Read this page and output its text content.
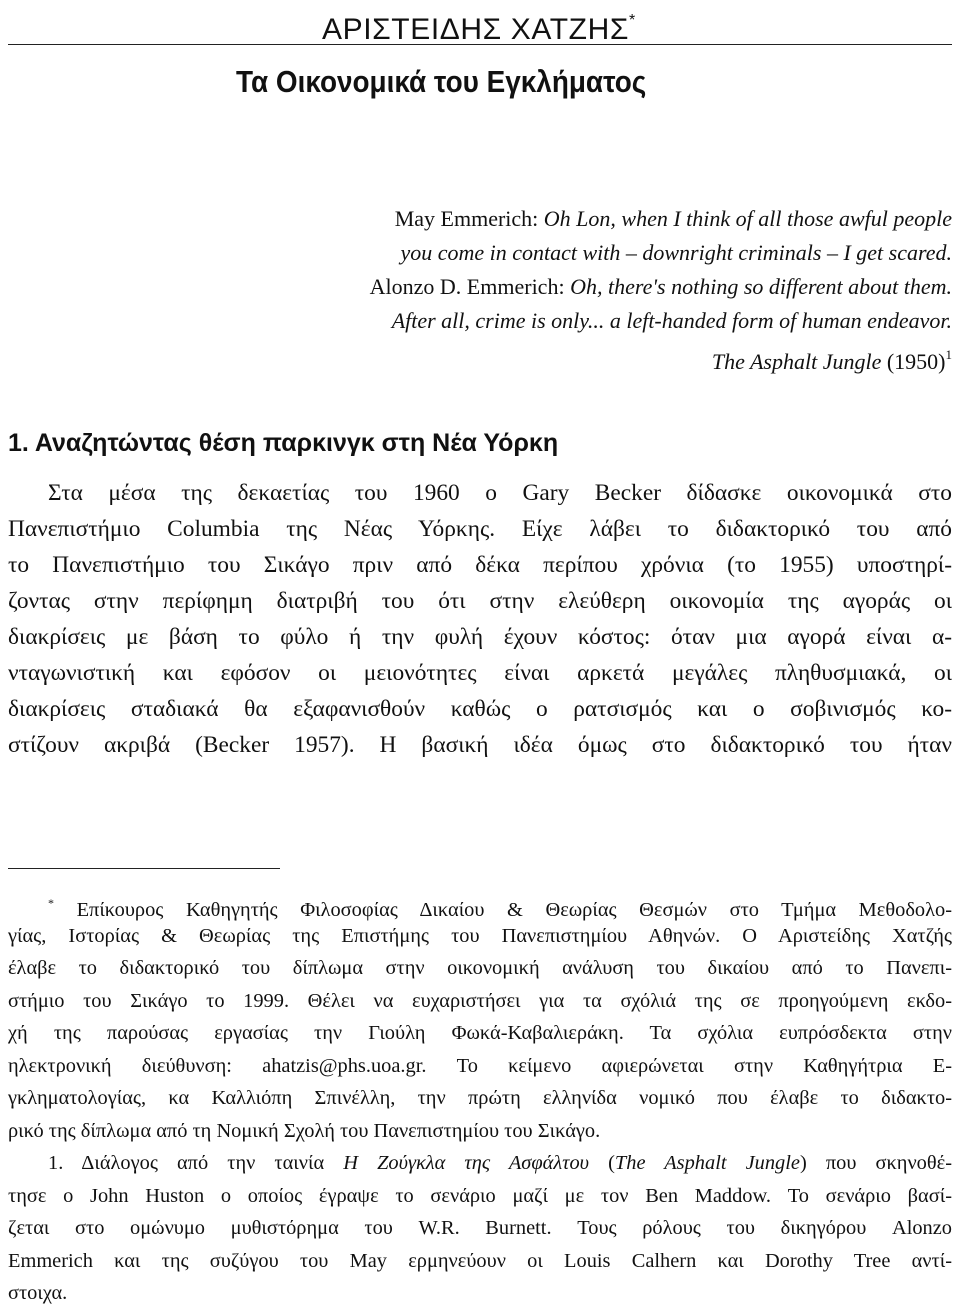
ΑΡΙΣΤΕΙΔΗΣ ΧΑΤΖΗΣ*
Τα Οικονομικά του Εγκλήματος
May Emmerich: Oh Lon, when I think of all those awful people
you come in contact with – downright criminals – I get scared.
Alonzo D. Emmerich: Oh, there's nothing so different about them.
After all, crime is only... a left-handed form of human endeavor.
The Asphalt Jungle $(1950)^1$
1. Αναζητώντας θέση παρκινγκ στη Νέα Υόρκη
Στα μέσα της δεκαετίας του 1960 ο Gary Becker δίδασκε οικονομικά στο
Πανεπιστήμιο Columbia της Νέας Υόρκης. Είχε λάβει το διδακτορικό του από
το Πανεπιστήμιο του Σικάγο πριν από δέκα περίπου χρόνια (το 1955) υποστηρί-
ζοντας στην περίφημη διατριβή του ότι στην ελεύθερη οικονομία της αγοράς οι
διακρίσεις με βάση το φύλο ή την φυλή έχουν κόστος: όταν μια αγορά είναι α-
νταγωνιστική και εφόσον οι μειονότητες είναι αρκετά μεγάλες πληθυσμιακά, οι
διακρίσεις σταδιακά θα εξαφανισθούν καθώς ο ρατσισμός και ο σοβινισμός κο-
στίζουν ακριβά (Becker 1957). Η βασική ιδέα όμως στο διδακτορικό του ήταν
* Επίκουρος Καθηγητής Φιλοσοφίας Δικαίου & Θεωρίας Θεσμών στο Τμήμα Μεθοδολο-
γίας, Ιστορίας & Θεωρίας της Επιστήμης του Πανεπιστημίου Αθηνών. Ο Αριστείδης Χατζής
έλαβε το διδακτορικό του δίπλωμα στην οικονομική ανάλυση του δικαίου από το Πανεπι-
στήμιο του Σικάγο το 1999. Θέλει να ευχαριστήσει για τα σχόλιά της σε προηγούμενη εκδο-
χή της παρούσας εργασίας την Γιούλη Φωκά-Καβαλιεράκη. Τα σχόλια ευπρόσδεκτα στην
ηλεκτρονική διεύθυνση: ahatzis@phs.uoa.gr. Το κείμενο αφιερώνεται στην Καθηγήτρια Ε-
γκληματολογίας, κα Καλλιόπη Σπινέλλη, την πρώτη ελληνίδα νομικό που έλαβε το διδακτο-
ρικό της δίπλωμα από τη Νομική Σχολή του Πανεπιστημίου του Σικάγο.
1. Διάλογος από την ταινία Η Ζούγκλα της Ασφάλτου (The Asphalt Jungle) που σκηνοθέ-
τησε ο John Huston ο οποίος έγραψε το σενάριο μαζί με τον Ben Maddow. Το σενάριο βασί-
ζεται στο ομώνυμο μυθιστόρημα του W.R. Burnett. Τους ρόλους του δικηγόρου Alonzo
Emmerich και της συζύγου του May ερμηνεύουν οι Louis Calhern και Dorothy Tree αντί-
στοιχα.
